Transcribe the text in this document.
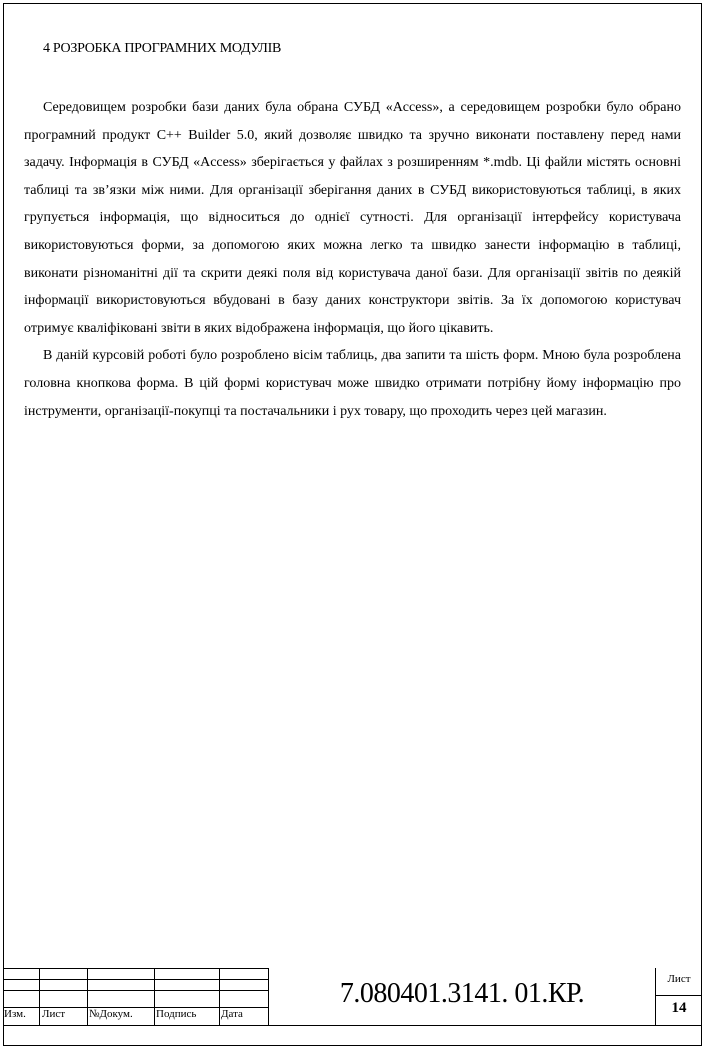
4 РОЗРОБКА ПРОГРАМНИХ МОДУЛІВ

Середовищем розробки бази даних була обрана СУБД «Access», а середовищем розробки було обрано програмний продукт С++ Builder 5.0, який дозволяє швидко та зручно виконати поставлену перед нами задачу. Інформація в СУБД «Access» зберігається у файлах з розширенням *.mdb. Ці файли містять основні таблиці та зв’язки між ними. Для організації зберігання даних в СУБД використовуються таблиці, в яких групується інформація, що відноситься до однієї сутності. Для організації інтерфейсу користувача використовуються форми, за допомогою яких можна легко та швидко занести інформацію в таблиці, виконати різноманітні дії та скрити деякі поля від користувача даної бази. Для організації звітів по деякій інформації використовуються вбудовані в базу даних конструктори звітів. За їх допомогою користувач отримує кваліфіковані звіти в яких відображена інформація, що його цікавить.

В даній курсовій роботі було розроблено вісім таблиць, два запити та шість форм. Мною була розроблена головна кнопкова форма. В цій формі користувач може швидко отримати потрібну йому інформацію про інструменти, організації-покупці та постачальники і рух товару, що проходить через цей магазин.

Изм. Лист №Докум. Подпись Дата
7.080401.3141. 01.КР.	Лист
14
